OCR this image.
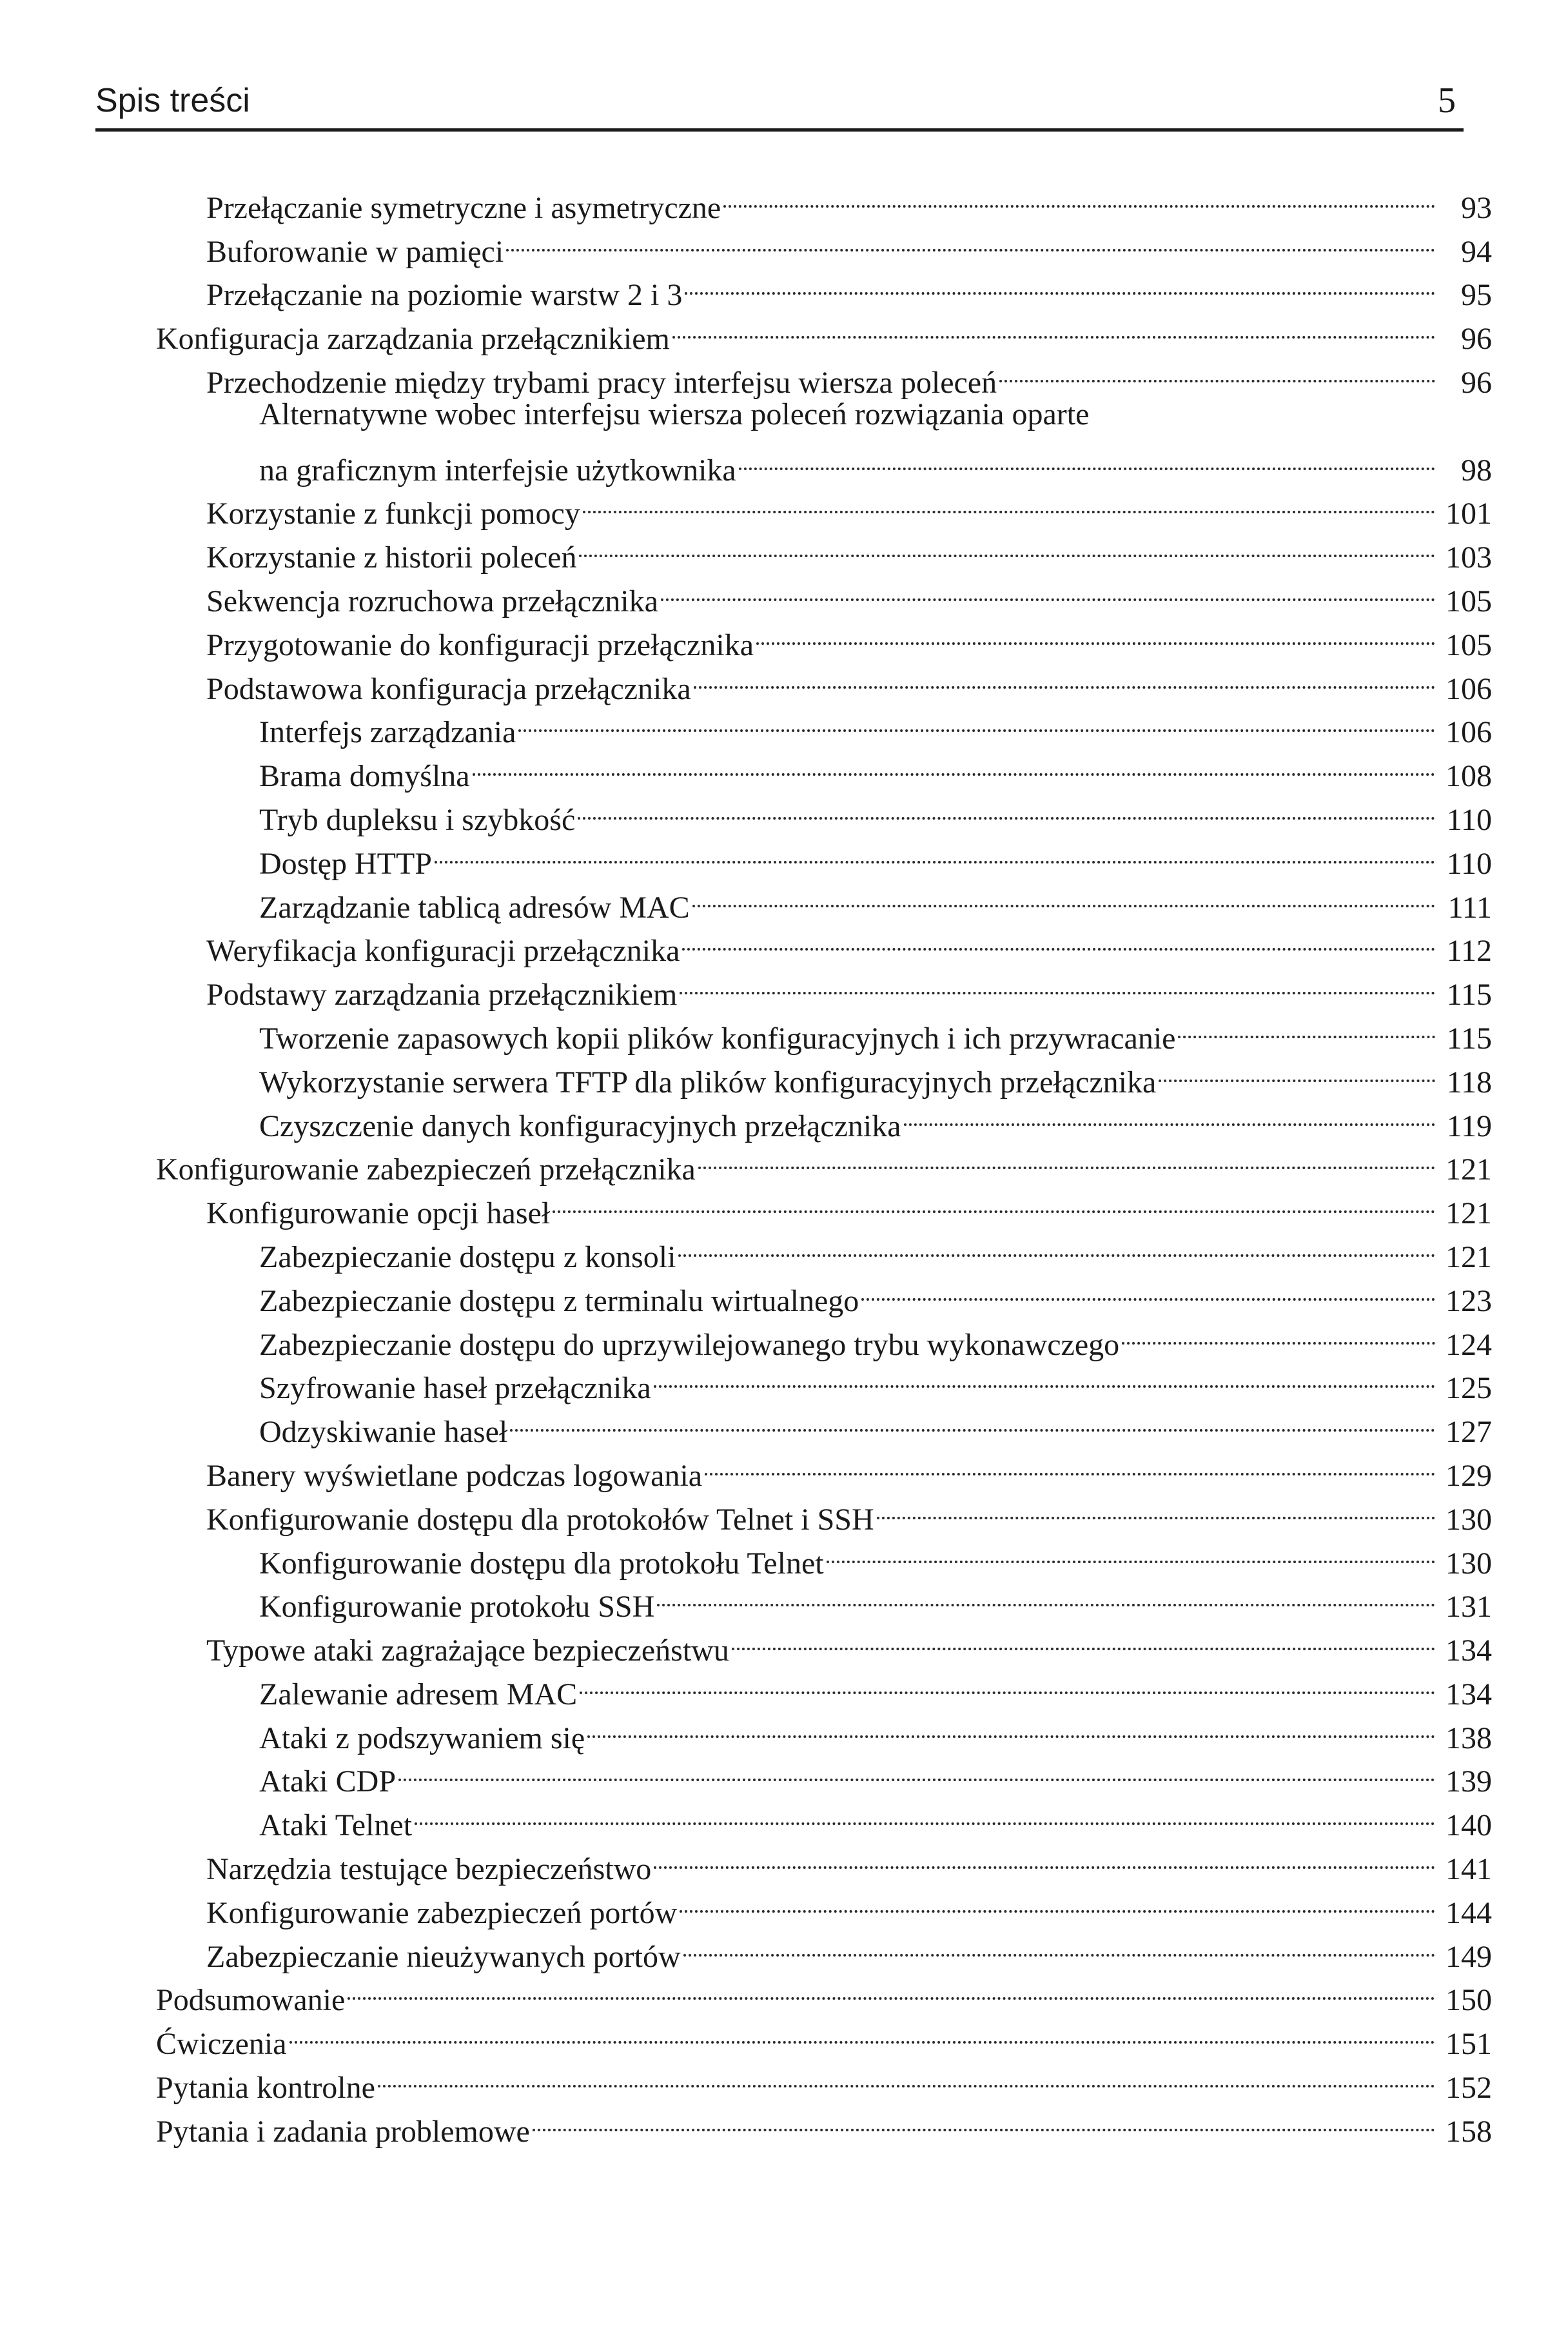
Spis treści	5
Przełączanie symetryczne i asymetryczne	93
Buforowanie w pamięci	94
Przełączanie na poziomie warstw 2 i 3	95
Konfiguracja zarządzania przełącznikiem	96
Przechodzenie między trybami pracy interfejsu wiersza poleceń	96
Alternatywne wobec interfejsu wiersza poleceń rozwiązania oparte
na graficznym interfejsie użytkownika	98
Korzystanie z funkcji pomocy	101
Korzystanie z historii poleceń	103
Sekwencja rozruchowa przełącznika	105
Przygotowanie do konfiguracji przełącznika	105
Podstawowa konfiguracja przełącznika	106
Interfejs zarządzania	106
Brama domyślna	108
Tryb dupleksu i szybkość	110
Dostęp HTTP	110
Zarządzanie tablicą adresów MAC	111
Weryfikacja konfiguracji przełącznika	112
Podstawy zarządzania przełącznikiem	115
Tworzenie zapasowych kopii plików konfiguracyjnych i ich przywracanie	115
Wykorzystanie serwera TFTP dla plików konfiguracyjnych przełącznika	118
Czyszczenie danych konfiguracyjnych przełącznika	119
Konfigurowanie zabezpieczeń przełącznika	121
Konfigurowanie opcji haseł	121
Zabezpieczanie dostępu z konsoli	121
Zabezpieczanie dostępu z terminalu wirtualnego	123
Zabezpieczanie dostępu do uprzywilejowanego trybu wykonawczego	124
Szyfrowanie haseł przełącznika	125
Odzyskiwanie haseł	127
Banery wyświetlane podczas logowania	129
Konfigurowanie dostępu dla protokołów Telnet i SSH	130
Konfigurowanie dostępu dla protokołu Telnet	130
Konfigurowanie protokołu SSH	131
Typowe ataki zagrażające bezpieczeństwu	134
Zalewanie adresem MAC	134
Ataki z podszywaniem się	138
Ataki CDP	139
Ataki Telnet	140
Narzędzia testujące bezpieczeństwo	141
Konfigurowanie zabezpieczeń portów	144
Zabezpieczanie nieużywanych portów	149
Podsumowanie	150
Ćwiczenia	151
Pytania kontrolne	152
Pytania i zadania problemowe	158
